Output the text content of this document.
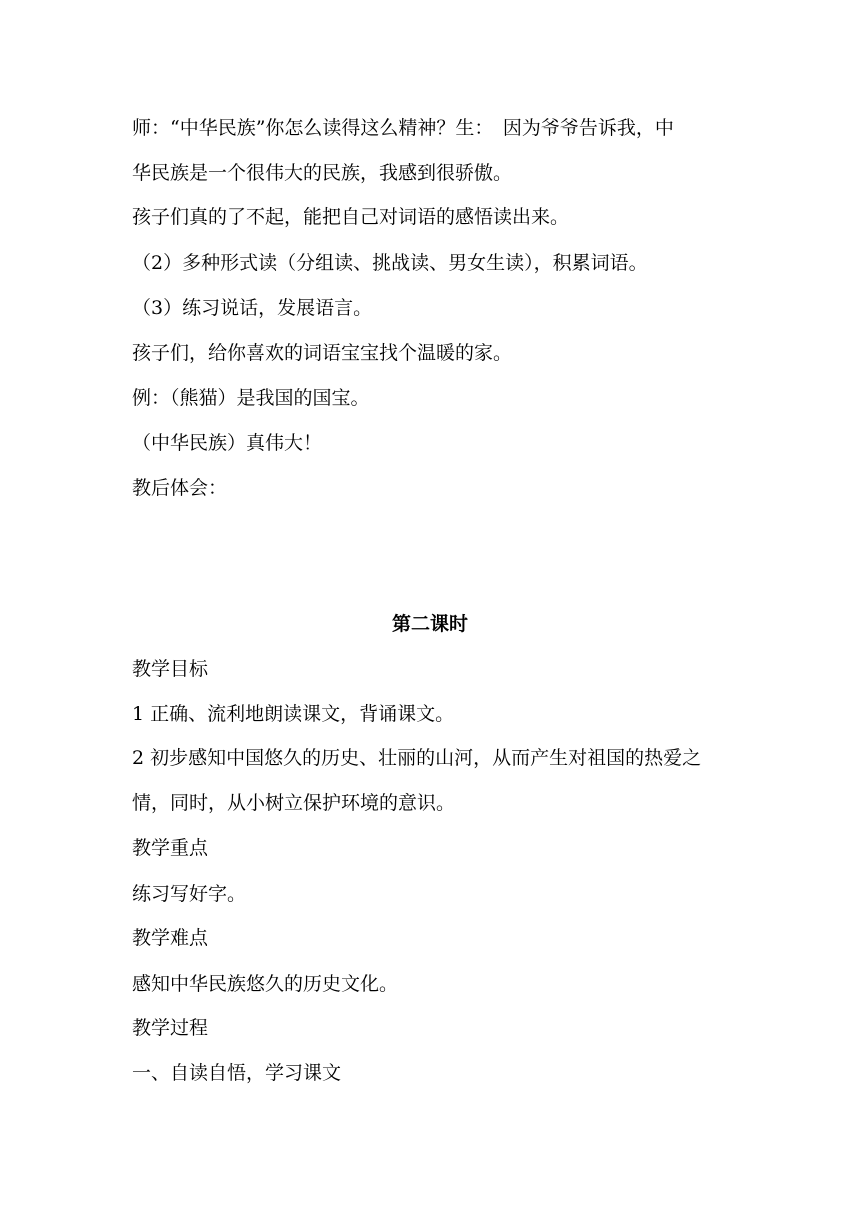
师：“中华民族”你怎么读得这么精神？生：　因为爷爷告诉我，中
华民族是一个很伟大的民族，我感到很骄傲。
孩子们真的了不起，能把自己对词语的感悟读出来。
（2）多种形式读（分组读、挑战读、男女生读），积累词语。
（3）练习说话，发展语言。
孩子们，给你喜欢的词语宝宝找个温暖的家。
例：（熊猫）是我国的国宝。
（中华民族）真伟大！
教后体会：
第二课时
教学目标
1 正确、流利地朗读课文，背诵课文。
2 初步感知中国悠久的历史、壮丽的山河，从而产生对祖国的热爱之
情，同时，从小树立保护环境的意识。
教学重点
练习写好字。
教学难点
感知中华民族悠久的历史文化。
教学过程
一、自读自悟，学习课文
